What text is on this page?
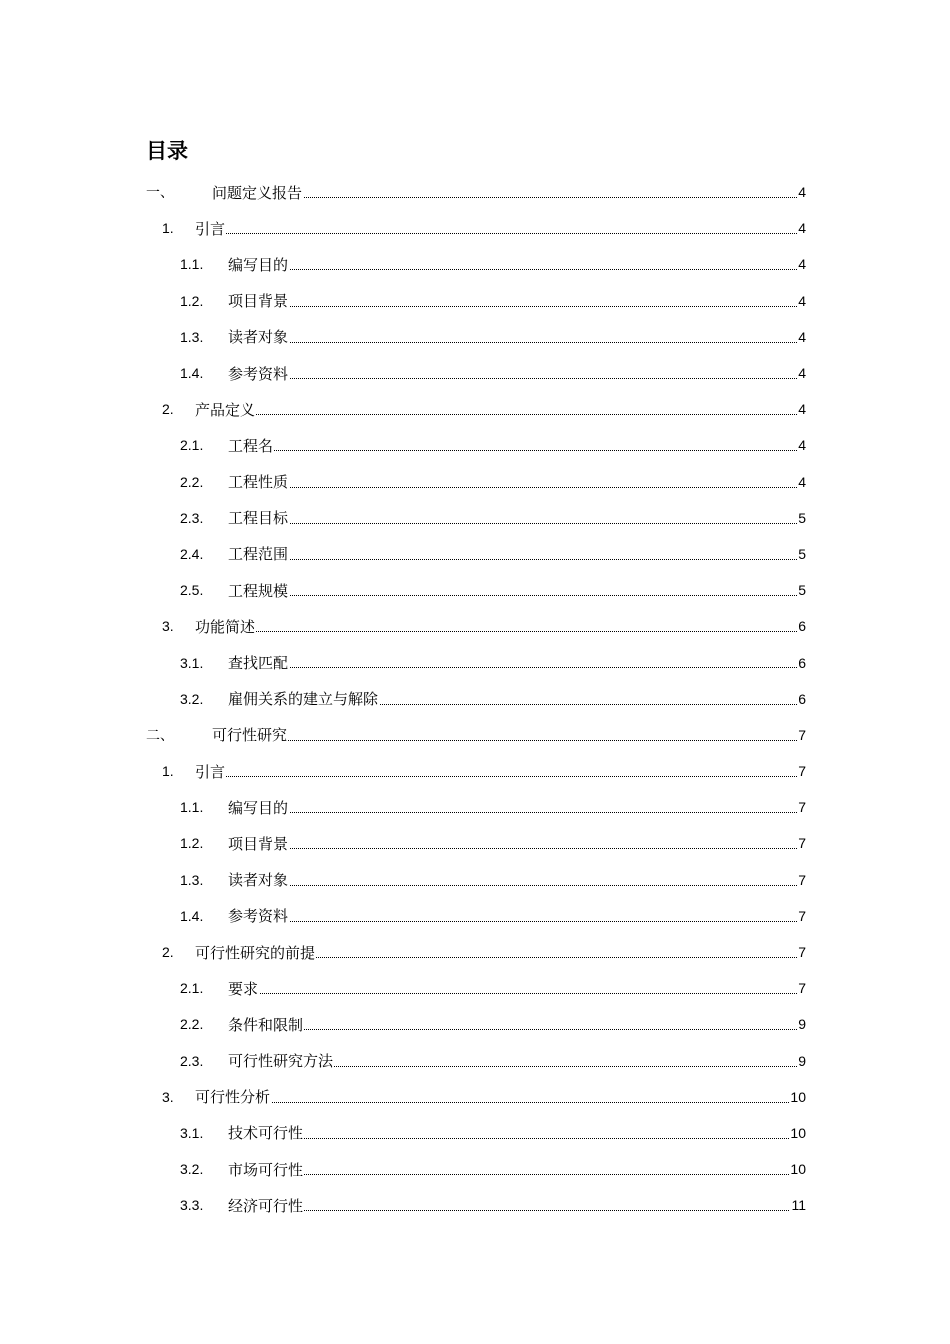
目录
一、	问题定义报告	4
1. 引言	4
1.1. 编写目的	4
1.2. 项目背景	4
1.3. 读者对象	4
1.4. 参考资料	4
2. 产品定义	4
2.1. 工程名	4
2.2. 工程性质	4
2.3. 工程目标	5
2.4. 工程范围	5
2.5. 工程规模	5
3. 功能简述	6
3.1. 查找匹配	6
3.2. 雇佣关系的建立与解除	6
二、	可行性研究	7
1. 引言	7
1.1. 编写目的	7
1.2. 项目背景	7
1.3. 读者对象	7
1.4. 参考资料	7
2. 可行性研究的前提	7
2.1. 要求	7
2.2. 条件和限制	9
2.3. 可行性研究方法	9
3. 可行性分析	10
3.1. 技术可行性	10
3.2. 市场可行性	10
3.3. 经济可行性	11
